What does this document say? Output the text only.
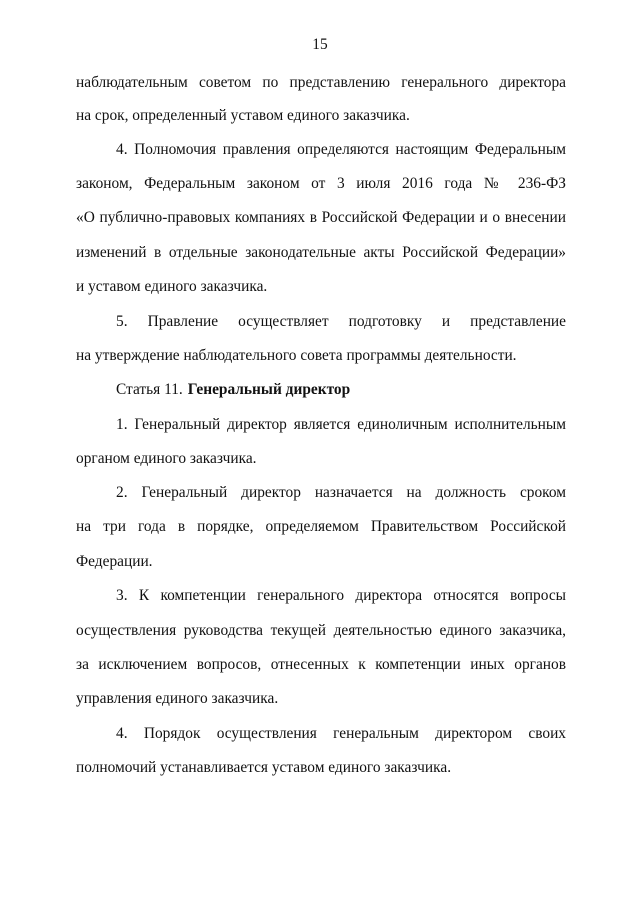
15
наблюдательным советом по представлению генерального директора
на срок, определенный уставом единого заказчика.
4. Полномочия правления определяются настоящим Федеральным
законом, Федеральным законом от 3 июля 2016 года № 236-ФЗ
«О публично-правовых компаниях в Российской Федерации и о внесении
изменений в отдельные законодательные акты Российской Федерации»
и уставом единого заказчика.
5. Правление осуществляет подготовку и представление
на утверждение наблюдательного совета программы деятельности.
Статья 11. Генеральный директор
1. Генеральный директор является единоличным исполнительным
органом единого заказчика.
2. Генеральный директор назначается на должность сроком
на три года в порядке, определяемом Правительством Российской
Федерации.
3. К компетенции генерального директора относятся вопросы
осуществления руководства текущей деятельностью единого заказчика,
за исключением вопросов, отнесенных к компетенции иных органов
управления единого заказчика.
4. Порядок осуществления генеральным директором своих
полномочий устанавливается уставом единого заказчика.
